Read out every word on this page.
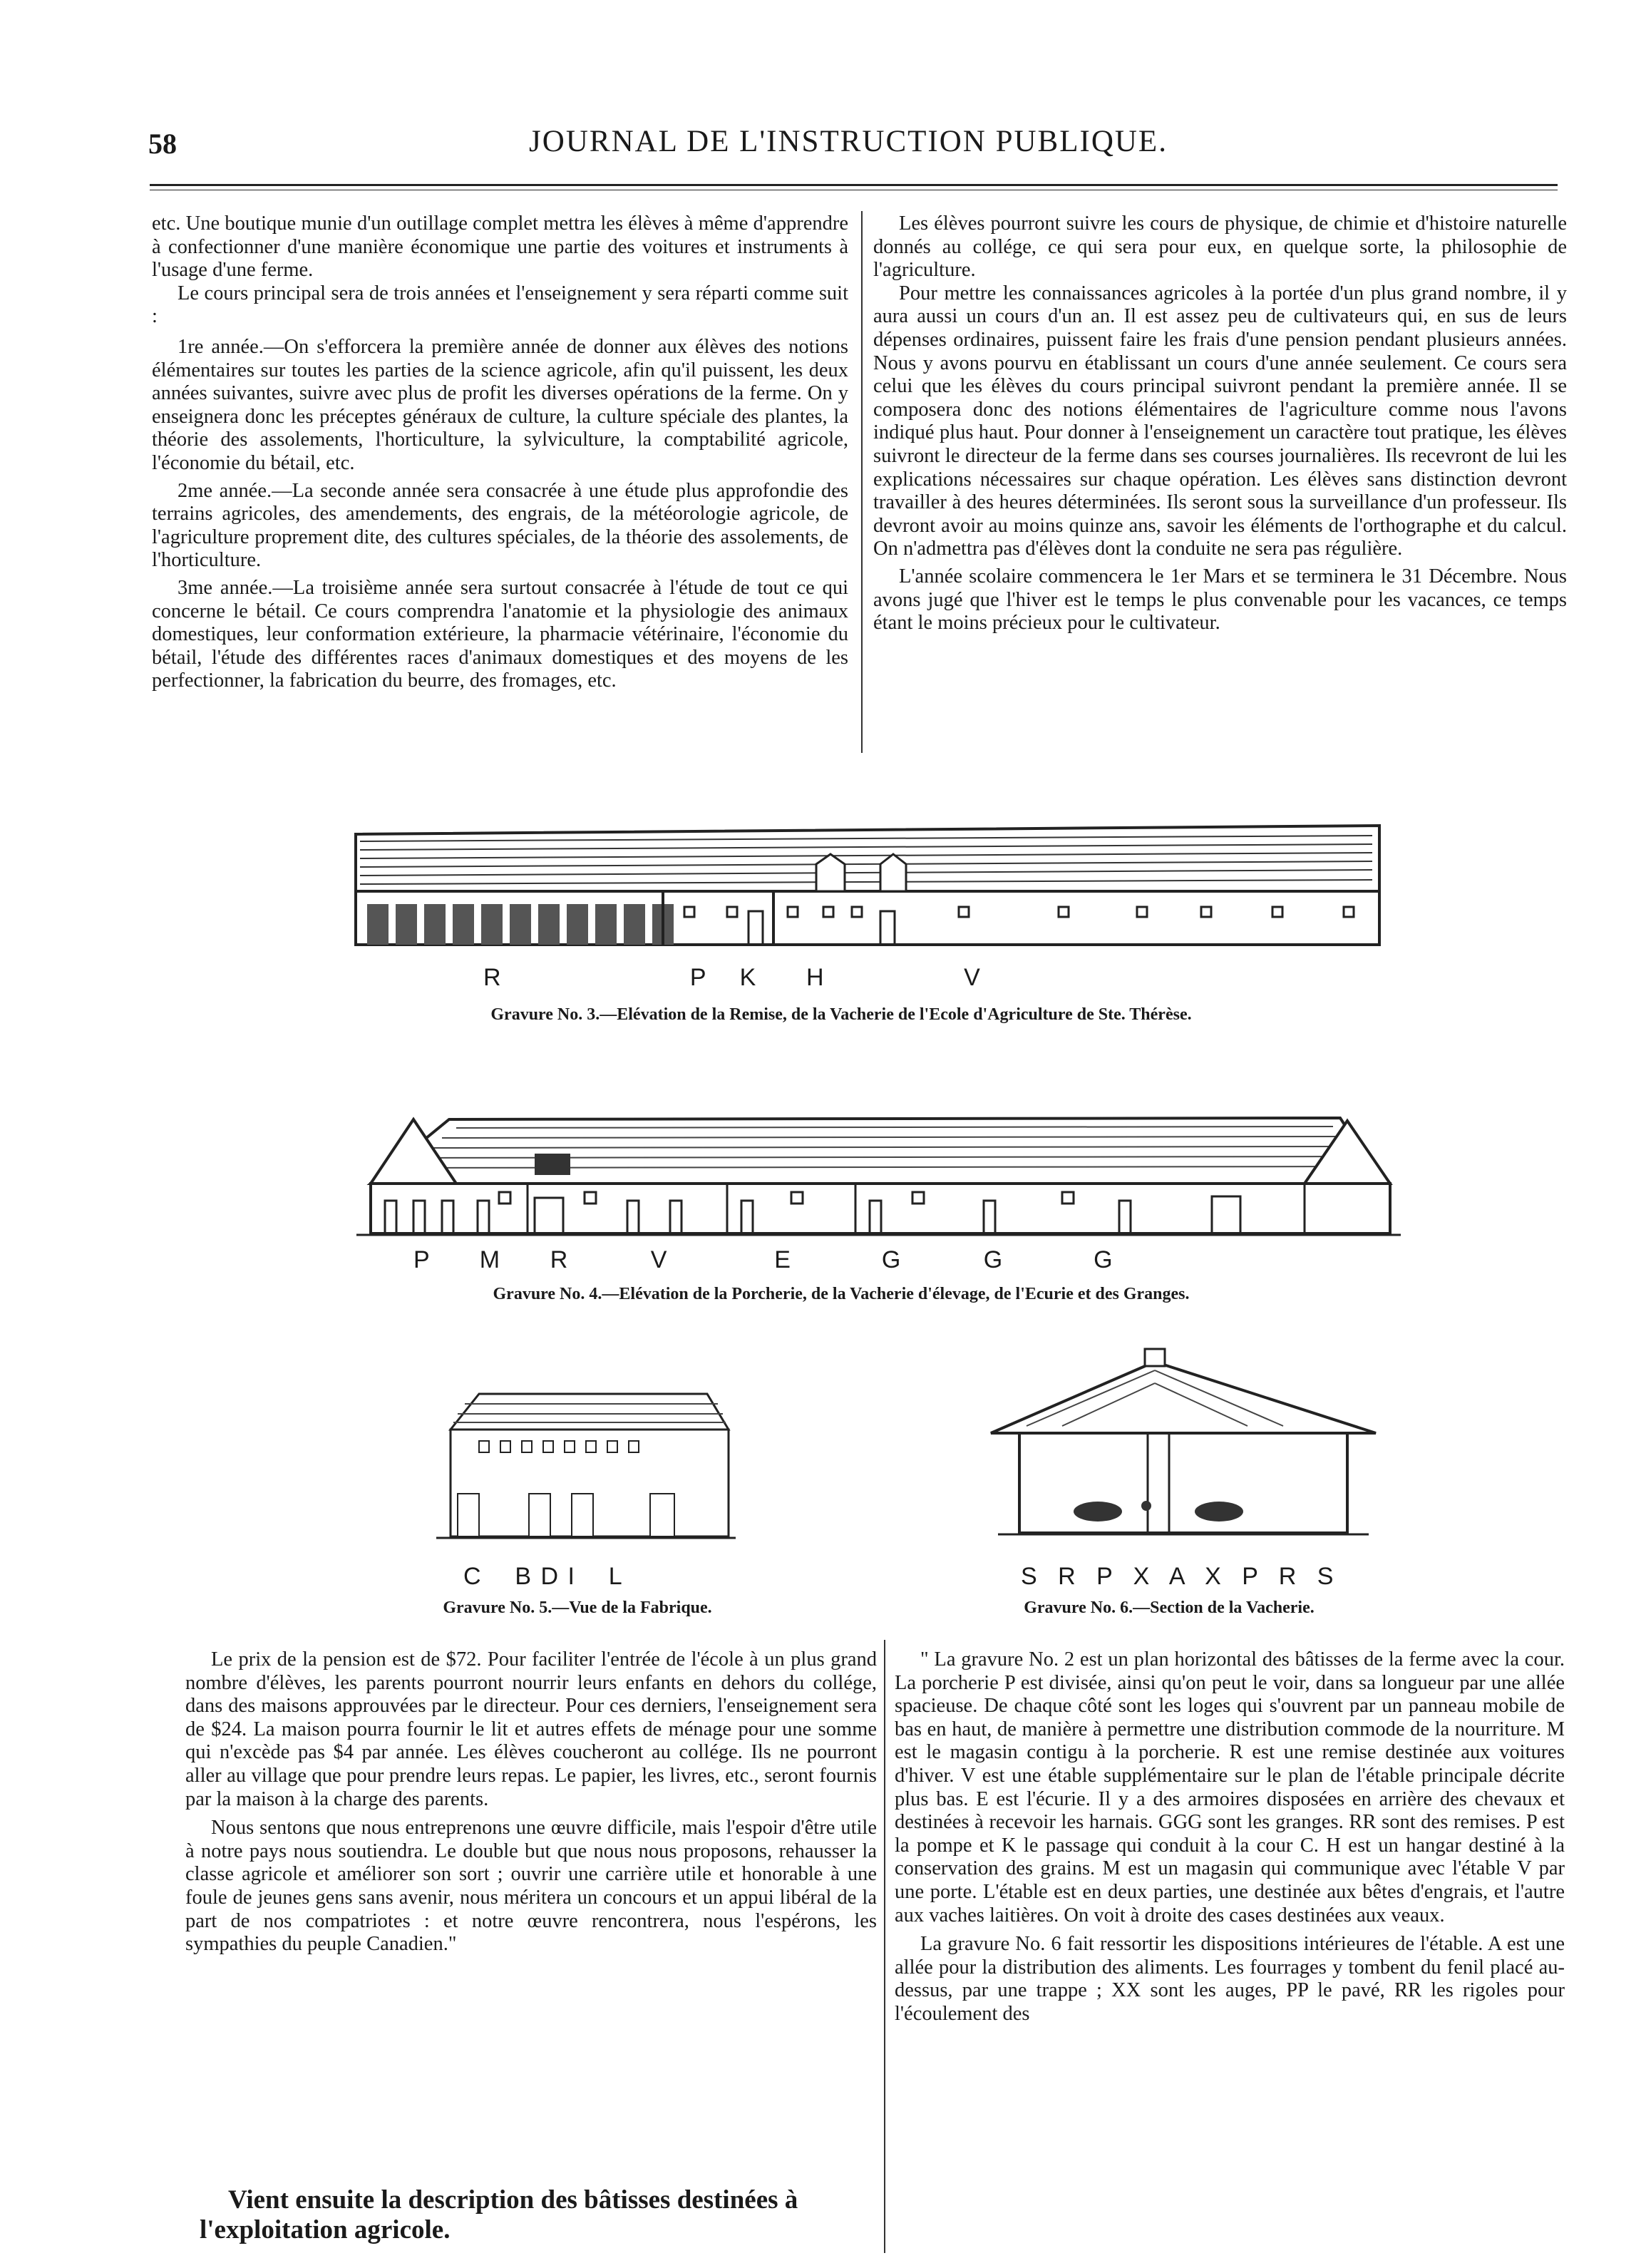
58	JOURNAL DE L'INSTRUCTION PUBLIQUE.

etc. Une boutique munie d'un outillage complet mettra les élèves à même d'apprendre à confectionner d'une manière économique une partie des voitures et instruments à l'usage d'une ferme.

Le cours principal sera de trois années et l'enseignement y sera réparti comme suit :

1re année.—On s'efforcera la première année de donner aux élèves des notions élémentaires sur toutes les parties de la science agricole, afin qu'il puissent, les deux années suivantes, suivre avec plus de profit les diverses opérations de la ferme. On y enseignera donc les préceptes généraux de culture, la culture spéciale des plantes, la théorie des assolements, l'horticulture, la sylviculture, la comptabilité agricole, l'économie du bétail, etc.

2me année.—La seconde année sera consacrée à une étude plus approfondie des terrains agricoles, des amendements, des engrais, de la météorologie agricole, de l'agriculture proprement dite, des cultures spéciales, de la théorie des assolements, de l'horticulture.

3me année.—La troisième année sera surtout consacrée à l'étude de tout ce qui concerne le bétail. Ce cours comprendra l'anatomie et la physiologie des animaux domestiques, leur conformation extérieure, la pharmacie vétérinaire, l'économie du bétail, l'étude des différentes races d'animaux domestiques et des moyens de les perfectionner, la fabrication du beurre, des fromages, etc.

Les élèves pourront suivre les cours de physique, de chimie et d'histoire naturelle donnés au collége, ce qui sera pour eux, en quelque sorte, la philosophie de l'agriculture.

Pour mettre les connaissances agricoles à la portée d'un plus grand nombre, il y aura aussi un cours d'un an. Il est assez peu de cultivateurs qui, en sus de leurs dépenses ordinaires, puissent faire les frais d'une pension pendant plusieurs années. Nous y avons pourvu en établissant un cours d'une année seulement. Ce cours sera celui que les élèves du cours principal suivront pendant la première année. Il se composera donc des notions élémentaires de l'agriculture comme nous l'avons indiqué plus haut. Pour donner à l'enseignement un caractère tout pratique, les élèves suivront le directeur de la ferme dans ses courses journalières. Ils recevront de lui les explications nécessaires sur chaque opération. Les élèves sans distinction devront travailler à des heures déterminées. Ils seront sous la surveillance d'un professeur. Ils devront avoir au moins quinze ans, savoir les éléments de l'orthographe et du calcul. On n'admettra pas d'élèves dont la conduite ne sera pas régulière.

L'année scolaire commencera le 1er Mars et se terminera le 31 Décembre. Nous avons jugé que l'hiver est le temps le plus convenable pour les vacances, ce temps étant le moins précieux pour le cultivateur.

R                       P    K      H                 V
Gravure No. 3.—Elévation de la Remise, de la Vacherie de l'Ecole d'Agriculture de Ste. Thérèse.
P      M      R          V             E           G          G           G
Gravure No. 4.—Elévation de la Porcherie, de la Vacherie d'élevage, de l'Ecurie et des Granges.
C    B D I    L
Gravure No. 5.—Vue de la Fabrique.
S R P X A X P R S
Gravure No. 6.—Section de la Vacherie.

Le prix de la pension est de $72. Pour faciliter l'entrée de l'école à un plus grand nombre d'élèves, les parents pourront nourrir leurs enfants en dehors du collége, dans des maisons approuvées par le directeur. Pour ces derniers, l'enseignement sera de $24. La maison pourra fournir le lit et autres effets de ménage pour une somme qui n'excède pas $4 par année. Les élèves coucheront au collége. Ils ne pourront aller au village que pour prendre leurs repas. Le papier, les livres, etc., seront fournis par la maison à la charge des parents.

Nous sentons que nous entreprenons une œuvre difficile, mais l'espoir d'être utile à notre pays nous soutiendra. Le double but que nous nous proposons, rehausser la classe agricole et améliorer son sort ; ouvrir une carrière utile et honorable à une foule de jeunes gens sans avenir, nous méritera un concours et un appui libéral de la part de nos compatriotes : et notre œuvre rencontrera, nous l'espérons, les sympathies du peuple Canadien."

Vient ensuite la description des bâtisses destinées à l'exploitation agricole.

" La gravure No. 2 est un plan horizontal des bâtisses de la ferme avec la cour. La porcherie P est divisée, ainsi qu'on peut le voir, dans sa longueur par une allée spacieuse. De chaque côté sont les loges qui s'ouvrent par un panneau mobile de bas en haut, de manière à permettre une distribution commode de la nourriture. M est le magasin contigu à la porcherie. R est une remise destinée aux voitures d'hiver. V est une étable supplémentaire sur le plan de l'étable principale décrite plus bas. E est l'écurie. Il y a des armoires disposées en arrière des chevaux et destinées à recevoir les harnais. GGG sont les granges. RR sont des remises. P est la pompe et K le passage qui conduit à la cour C. H est un hangar destiné à la conservation des grains. M est un magasin qui communique avec l'étable V par une porte. L'étable est en deux parties, une destinée aux bêtes d'engrais, et l'autre aux vaches laitières. On voit à droite des cases destinées aux veaux.

La gravure No. 6 fait ressortir les dispositions intérieures de l'étable. A est une allée pour la distribution des aliments. Les fourrages y tombent du fenil placé au-dessus, par une trappe ; XX sont les auges, PP le pavé, RR les rigoles pour l'écoulement des
